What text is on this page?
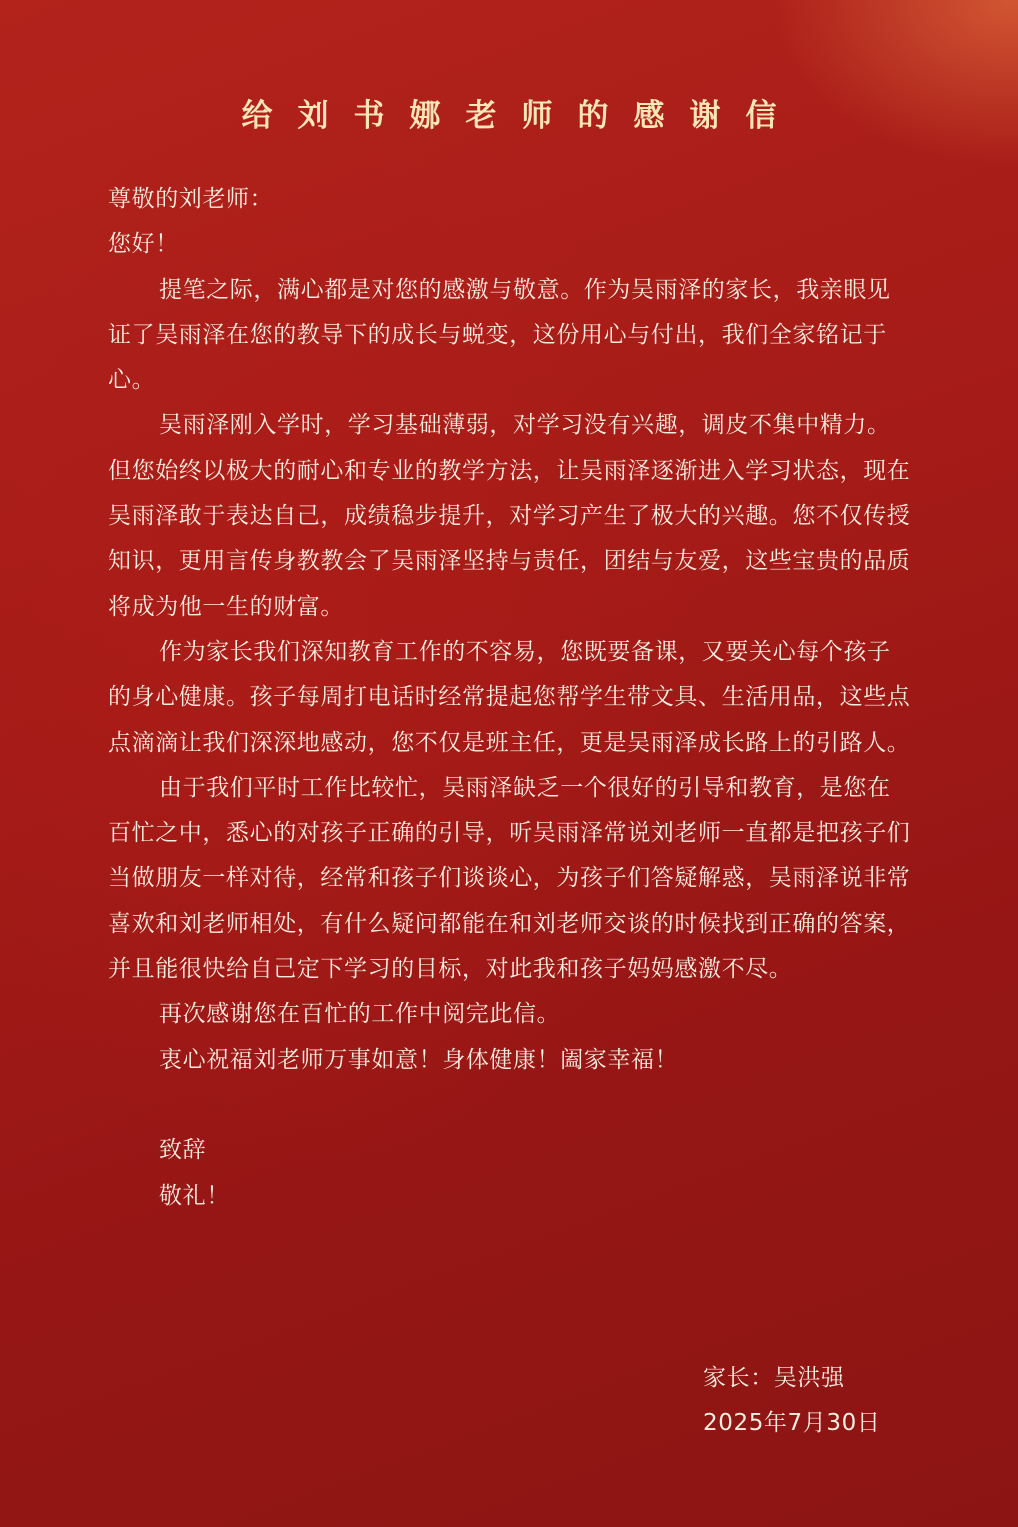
给刘书娜老师的感谢信

尊敬的刘老师：

您好！

提笔之际，满心都是对您的感激与敬意。作为吴雨泽的家长，我亲眼见证了吴雨泽在您的教导下的成长与蜕变，这份用心与付出，我们全家铭记于心。

吴雨泽刚入学时，学习基础薄弱，对学习没有兴趣，调皮不集中精力。但您始终以极大的耐心和专业的教学方法，让吴雨泽逐渐进入学习状态，现在吴雨泽敢于表达自己，成绩稳步提升，对学习产生了极大的兴趣。您不仅传授知识，更用言传身教教会了吴雨泽坚持与责任，团结与友爱，这些宝贵的品质将成为他一生的财富。

作为家长我们深知教育工作的不容易，您既要备课，又要关心每个孩子的身心健康。孩子每周打电话时经常提起您帮学生带文具、生活用品，这些点点滴滴让我们深深地感动，您不仅是班主任，更是吴雨泽成长路上的引路人。

由于我们平时工作比较忙，吴雨泽缺乏一个很好的引导和教育，是您在百忙之中，悉心的对孩子正确的引导，听吴雨泽常说刘老师一直都是把孩子们当做朋友一样对待，经常和孩子们谈谈心，为孩子们答疑解惑，吴雨泽说非常喜欢和刘老师相处，有什么疑问都能在和刘老师交谈的时候找到正确的答案，并且能很快给自己定下学习的目标，对此我和孩子妈妈感激不尽。

再次感谢您在百忙的工作中阅完此信。

衷心祝福刘老师万事如意！身体健康！阖家幸福！

致辞

敬礼！

家长：吴洪强
2025年7月30日
